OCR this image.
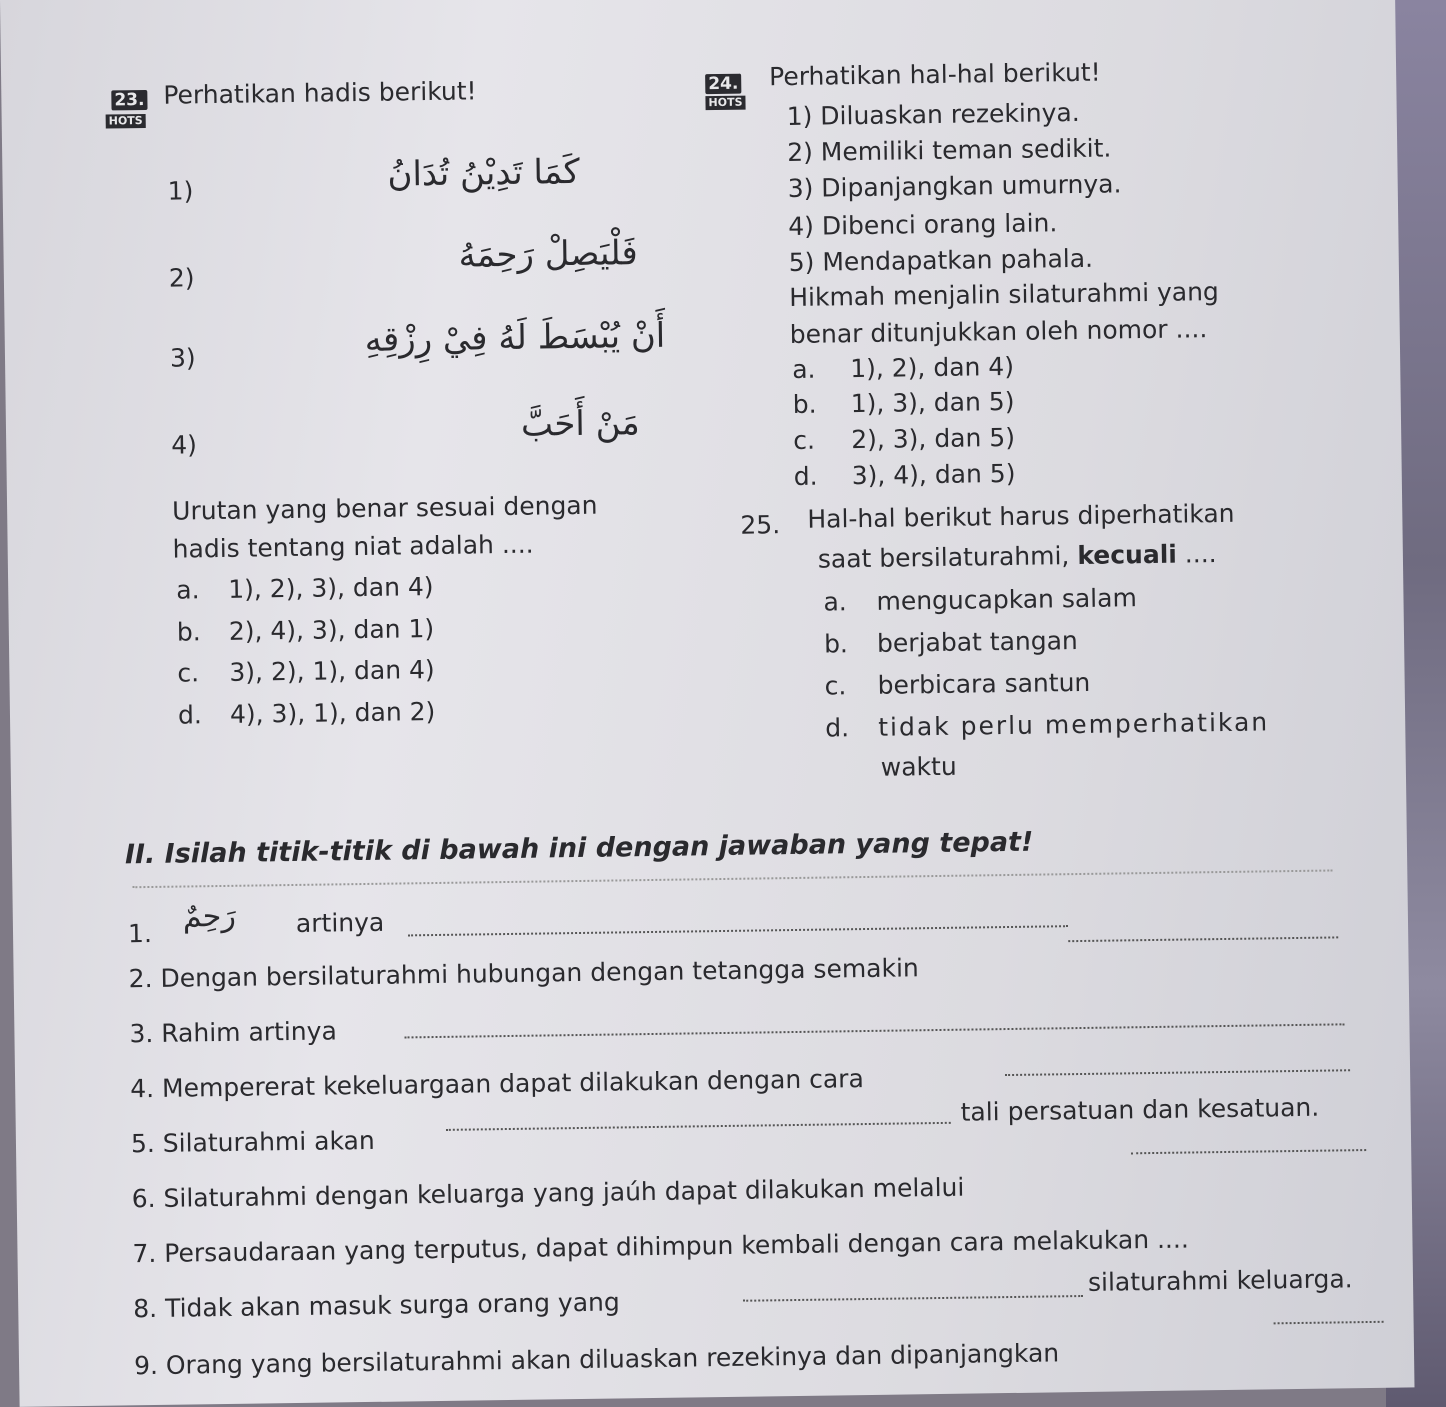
23.
HOTS
Perhatikan hadis berikut!
1)	كَمَا تَدِيْنُ تُدَانُ
2)
فَلْيَصِلْ رَحِمَهُ
3)	أَنْ يُبْسَطَ لَهُ فِيْ رِزْقِهِ
4)
مَنْ أَحَبَّ
Urutan yang benar sesuai dengan
hadis tentang niat adalah ....
a. 1), 2), 3), dan 4)
b. 2), 4), 3), dan 1)
c. 3), 2), 1), dan 4)
d. 4), 3), 1), dan 2)
24.
HOTS
Perhatikan hal-hal berikut!
1) Diluaskan rezekinya.
2) Memiliki teman sedikit.
3) Dipanjangkan umurnya.
4) Dibenci orang lain.
5) Mendapatkan pahala.
Hikmah menjalin silaturahmi yang
benar ditunjukkan oleh nomor ....
a. 1), 2), dan 4)
b. 1), 3), dan 5)
c. 2), 3), dan 5)
d. 3), 4), dan 5)
25. Hal-hal berikut harus diperhatikan
saat bersilaturahmi, kecuali ....
a. mengucapkan salam
b. berjabat tangan
c. berbicara santun
d. tidak perlu memperhatikan
waktu
II. Isilah titik-titik di bawah ini dengan jawaban yang tepat!
1. رَحِمٌ artinya
2. Dengan bersilaturahmi hubungan dengan tetangga semakin
3. Rahim artinya
4. Mempererat kekeluargaan dapat dilakukan dengan cara
5. Silaturahmi akan
tali persatuan dan kesatuan.
6. Silaturahmi dengan keluarga yang jaúh dapat dilakukan melalui
7. Persaudaraan yang terputus, dapat dihimpun kembali dengan cara melakukan ....
8. Tidak akan masuk surga orang yang
silaturahmi keluarga.
9. Orang yang bersilaturahmi akan diluaskan rezekinya dan dipanjangkan
